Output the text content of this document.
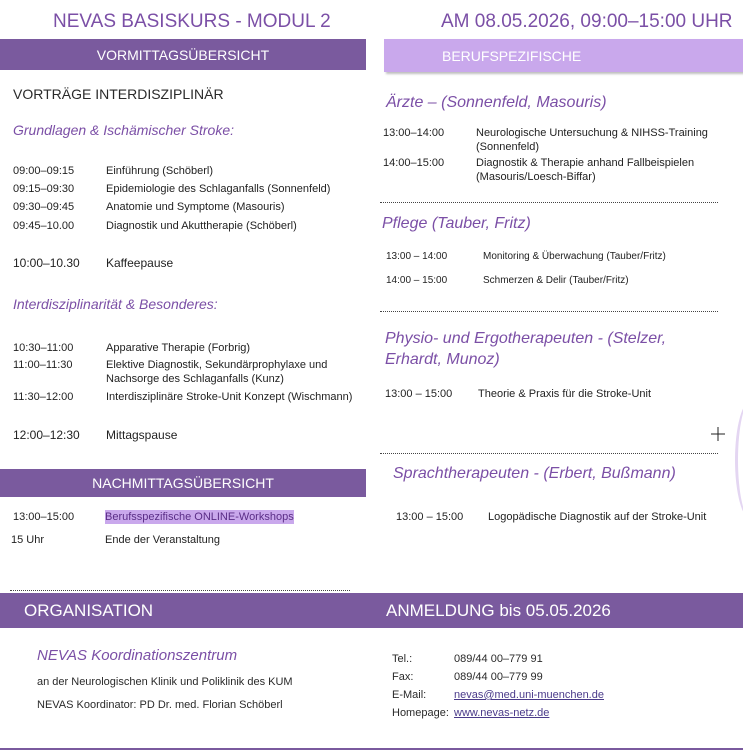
NEVAS BASISKURS - MODUL 2	AM 08.05.2026, 09:00–15:00 UHR
VORMITTAGSÜBERSICHT	BERUFSPEZIFISCHE
VORTRÄGE INTERDISZIPLINÄR
Grundlagen & Ischämischer Stroke:
09:00–09:15	Einführung (Schöberl)
09:15–09:30	Epidemiologie des Schlaganfalls (Sonnenfeld)
09:30–09:45	Anatomie und Symptome (Masouris)
09:45–10.00	Diagnostik und Akuttherapie (Schöberl)
10:00–10.30 Kaffeepause
Interdisziplinarität & Besonderes:
10:30–11:00	Apparative Therapie (Forbrig)
11:00–11:30	Elektive Diagnostik, Sekundärprophylaxe und Nachsorge des Schlaganfalls (Kunz)
11:30–12:00	Interdisziplinäre Stroke-Unit Konzept (Wischmann)
12:00–12:30 Mittagspause
NACHMITTAGSÜBERSICHT
13:00–15:00	Berufsspezifische ONLINE-Workshops
15 Uhr	Ende der Veranstaltung
Ärzte – (Sonnenfeld, Masouris)
13:00–14:00	Neurologische Untersuchung & NIHSS-Training (Sonnenfeld)
14:00–15:00	Diagnostik & Therapie anhand Fallbeispielen (Masouris/Loesch-Biffar)
Pflege (Tauber, Fritz)
13:00 – 14:00	Monitoring & Überwachung (Tauber/Fritz)
14:00 – 15:00	Schmerzen & Delir (Tauber/Fritz)
Physio- und Ergotherapeuten - (Stelzer, Erhardt, Munoz)
13:00 – 15:00 Theorie & Praxis für die Stroke-Unit
Sprachtherapeuten - (Erbert, Bußmann)
13:00 – 15:00 Logopädische Diagnostik auf der Stroke-Unit
ORGANISATION	ANMELDUNG bis 05.05.2026
NEVAS Koordinationszentrum
an der Neurologischen Klinik und Poliklinik des KUM
NEVAS Koordinator: PD Dr. med. Florian Schöberl
Tel.:	089/44 00–779 91
Fax:	089/44 00–779 99
E-Mail:	nevas@med.uni-muenchen.de
Homepage: www.nevas-netz.de
